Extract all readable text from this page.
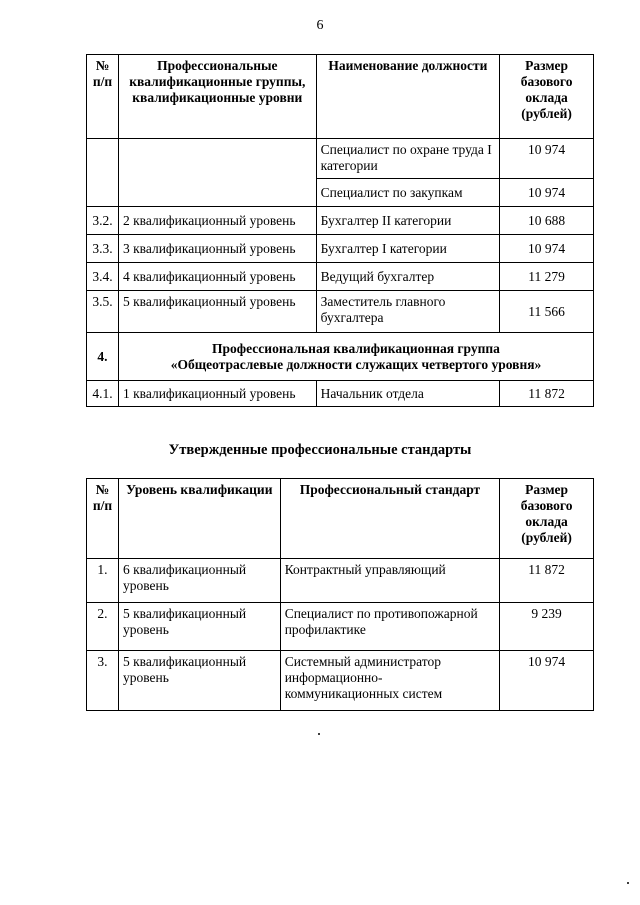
6
№ п/п	Профессиональные квалификационные группы, квалификационные уровни	Наименование должности	Размер базового оклада (рублей)
		Специалист по охране труда I категории	10 974
		Специалист по закупкам	10 974
3.2.	2 квалификационный уровень	Бухгалтер II категории	10 688
3.3.	3 квалификационный уровень	Бухгалтер I категории	10 974
3.4.	4 квалификационный уровень	Ведущий бухгалтер	11 279
3.5.	5 квалификационный уровень	Заместитель главного бухгалтера	11 566
4.	Профессиональная квалификационная группа
«Общеотраслевые должности служащих четвертого уровня»		

4.1.	1 квалификационный уровень	Начальник отдела	11 872
Утвержденные профессиональные стандарты
№ п/п	Уровень квалификации	Профессиональный стандарт	Размер базового оклада (рублей)
1.	6 квалификационный уровень	Контрактный управляющий	11 872
2.	5 квалификационный уровень	Специалист по противопожарной профилактике	9 239
3.	5 квалификационный уровень	Системный администратор информационно-коммуникационных систем	10 974
